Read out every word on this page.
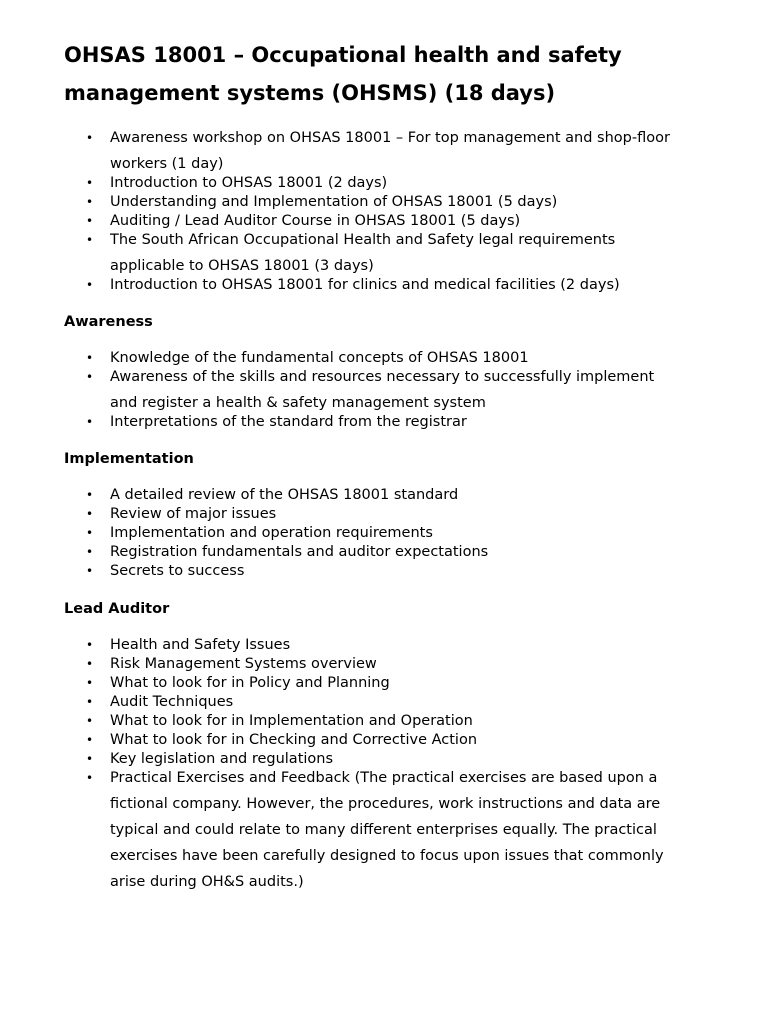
OHSAS 18001 – Occupational health and safety
management systems (OHSMS) (18 days)
• Awareness workshop on OHSAS 18001 – For top management and shop-floor
workers (1 day)
• Introduction to OHSAS 18001 (2 days)
• Understanding and Implementation of OHSAS 18001 (5 days)
• Auditing / Lead Auditor Course in OHSAS 18001 (5 days)
• The South African Occupational Health and Safety legal requirements
applicable to OHSAS 18001 (3 days)
• Introduction to OHSAS 18001 for clinics and medical facilities (2 days)
Awareness
• Knowledge of the fundamental concepts of OHSAS 18001
• Awareness of the skills and resources necessary to successfully implement
and register a health & safety management system
• Interpretations of the standard from the registrar
Implementation
• A detailed review of the OHSAS 18001 standard
• Review of major issues
• Implementation and operation requirements
• Registration fundamentals and auditor expectations
• Secrets to success
Lead Auditor
• Health and Safety Issues
• Risk Management Systems overview
• What to look for in Policy and Planning
• Audit Techniques
• What to look for in Implementation and Operation
• What to look for in Checking and Corrective Action
• Key legislation and regulations
• Practical Exercises and Feedback (The practical exercises are based upon a
fictional company. However, the procedures, work instructions and data are
typical and could relate to many different enterprises equally. The practical
exercises have been carefully designed to focus upon issues that commonly
arise during OH&S audits.)
